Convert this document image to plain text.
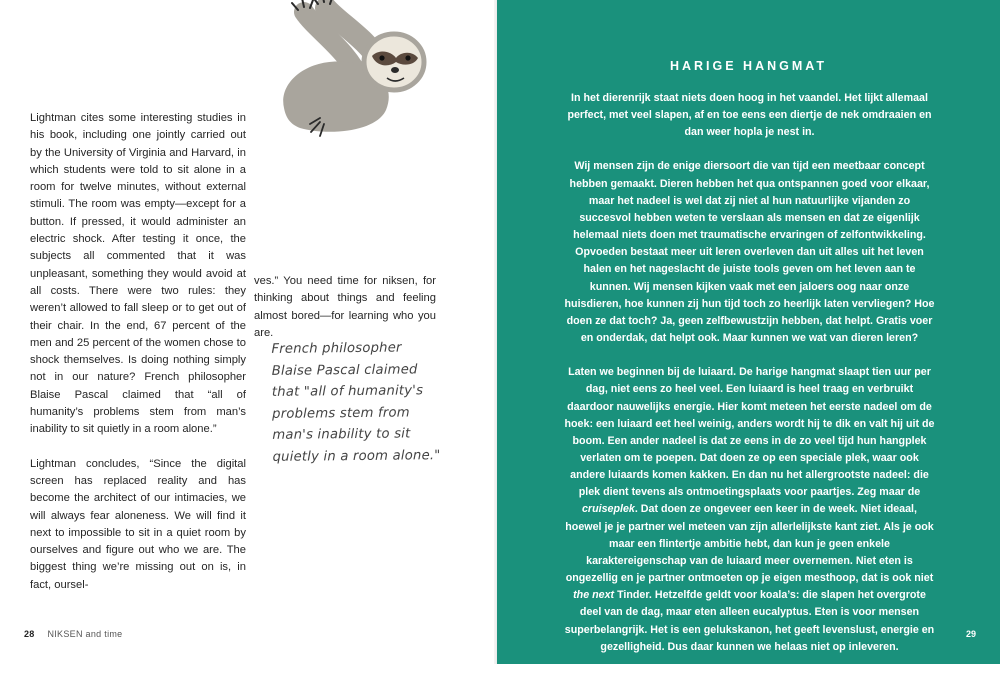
Lightman cites some interesting studies in his book, including one jointly carried out by the University of Virginia and Harvard, in which students were told to sit alone in a room for twelve minutes, without external stimuli. The room was empty—except for a button. If pressed, it would administer an electric shock. After testing it once, the subjects all commented that it was unpleasant, something they would avoid at all costs. There were two rules: they weren’t allowed to fall sleep or to get out of their chair. In the end, 67 percent of the men and 25 percent of the women chose to shock themselves. Is doing nothing simply not in our nature? French philosopher Blaise Pascal claimed that “all of humanity’s problems stem from man’s inability to sit quietly in a room alone.”

Lightman concludes, “Since the digital screen has replaced reality and has become the architect of our intimacies, we will always fear aloneness. We will find it next to impossible to sit in a quiet room by ourselves and figure out who we are. The biggest thing we’re missing out on is, in fact, oursel-

ves.” You need time for niksen, for thinking about things and feeling almost bored—for learning who you are.

French philosopher Blaise Pascal claimed that "all of humanity's problems stem from man's inability to sit quietly in a room alone."
28 NIKSEN and time
HARIGE HANGMAT

In het dierenrijk staat niets doen hoog in het vaandel. Het lijkt allemaal perfect, met veel slapen, af en toe eens een diertje de nek omdraaien en dan weer hopla je nest in.

Wij mensen zijn de enige diersoort die van tijd een meetbaar concept hebben gemaakt. Dieren hebben het qua ontspannen goed voor elkaar, maar het nadeel is wel dat zij niet al hun natuurlijke vijanden zo succesvol hebben weten te verslaan als mensen en dat ze eigenlijk helemaal niets doen met traumatische ervaringen of zelfontwikkeling. Opvoeden bestaat meer uit leren overleven dan uit alles uit het leven halen en het nageslacht de juiste tools geven om het leven aan te kunnen. Wij mensen kijken vaak met een jaloers oog naar onze huisdieren, hoe kunnen zij hun tijd toch zo heerlijk laten vervliegen? Hoe doen ze dat toch? Ja, geen zelfbewustzijn hebben, dat helpt. Gratis voer en onderdak, dat helpt ook. Maar kunnen we wat van dieren leren?

Laten we beginnen bij de luiaard. De harige hangmat slaapt tien uur per dag, niet eens zo heel veel. Een luiaard is heel traag en verbruikt daardoor nauwelijks energie. Hier komt meteen het eerste nadeel om de hoek: een luiaard eet heel weinig, anders wordt hij te dik en valt hij uit de boom. Een ander nadeel is dat ze eens in de zo veel tijd hun hangplek verlaten om te poepen. Dat doen ze op een speciale plek, waar ook andere luiaards komen kakken. En dan nu het allergrootste nadeel: die plek dient tevens als ontmoetingsplaats voor paartjes. Zeg maar de cruiseplek. Dat doen ze ongeveer een keer in de week. Niet ideaal, hoewel je je partner wel meteen van zijn allerlelijkste kant ziet. Als je ook maar een flintertje ambitie hebt, dan kun je geen enkele karaktereigenschap van de luiaard meer overnemen. Niet eten is ongezellig en je partner ontmoeten op je eigen mesthoop, dat is ook niet the next Tinder. Hetzelfde geldt voor koala’s: die slapen het overgrote deel van de dag, maar eten alleen eucalyptus. Eten is voor mensen superbelangrijk. Het is een gelukskanon, het geeft levenslust, energie en gezelligheid. Dus daar kunnen we helaas niet op inleveren.

29
